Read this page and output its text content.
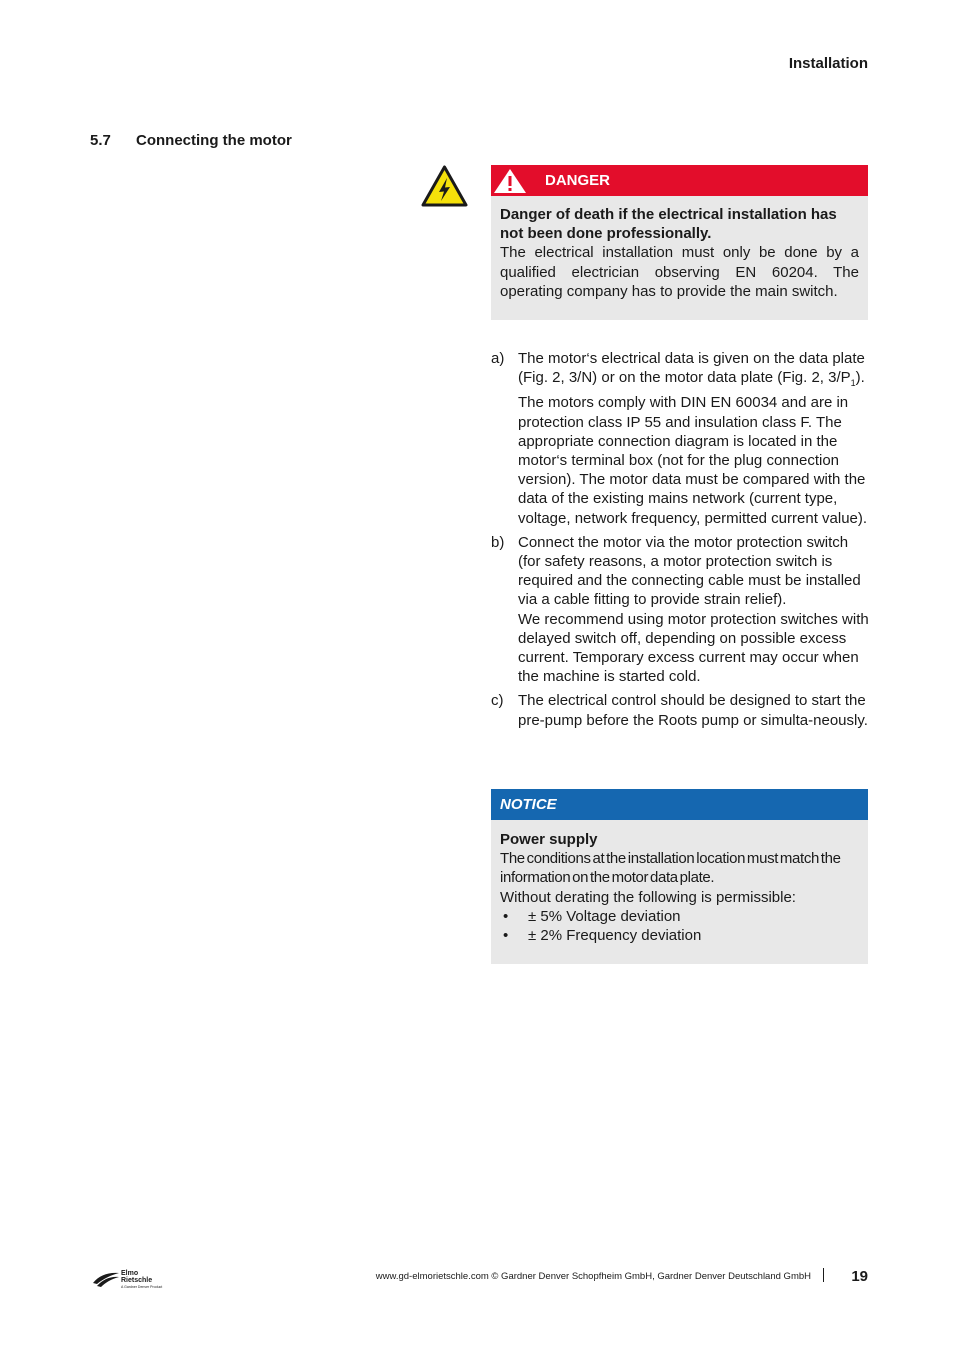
Installation
5.7 Connecting the motor
DANGER
Danger of death if the electrical installation has not been done professionally.
The electrical installation must only be done by a qualified electrician observing EN 60204. The operating company has to provide the main switch.
a) The motor‘s electrical data is given on the data plate (Fig. 2, 3/N) or on the motor data plate (Fig. 2, $3/P_1$). The motors comply with DIN EN 60034 and are in protection class IP 55 and insulation class F. The appropriate connection diagram is located in the motor‘s terminal box (not for the plug connection version). The motor data must be compared with the data of the existing mains network (current type, voltage, network frequency, permitted current value).
b) Connect the motor via the motor protection switch (for safety reasons, a motor protection switch is required and the connecting cable must be installed via a cable fitting to provide strain relief).
We recommend using motor protection switches with delayed switch off, depending on possible excess current. Temporary excess current may occur when the machine is started cold.
c) The electrical control should be designed to start the pre-pump before the Roots pump or simulta-neously.
NOTICE
Power supply
The conditions at the installation location must match the information on the motor data plate.
Without derating the following is permissible:
•	± 5% Voltage deviation
•	± 2% Frequency deviation
Elmo
Rietschle
A Gardner Denver Product
www.gd-elmorietschle.com © Gardner Denver Schopfheim GmbH, Gardner Denver Deutschland GmbH	19
